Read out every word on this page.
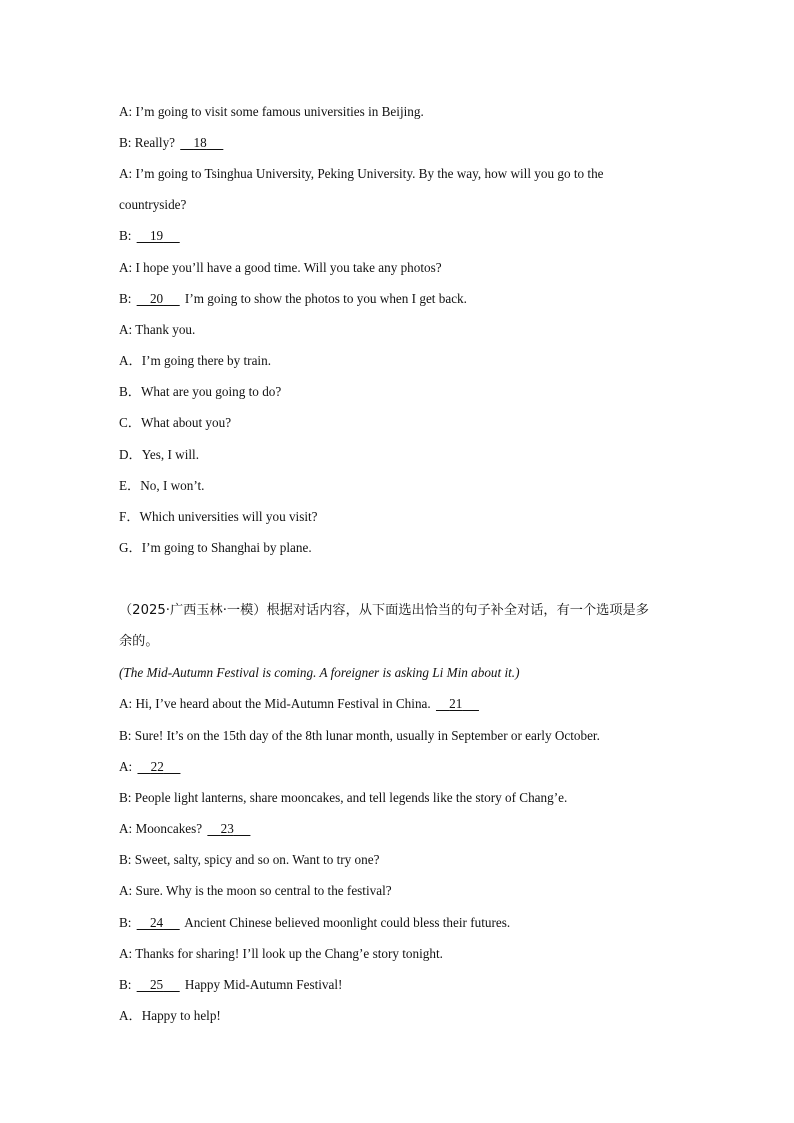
A: I’m going to visit some famous universities in Beijing.
B: Really? 18
A: I’m going to Tsinghua University, Peking University. By the way, how will you go to the
countryside?
B: 19
A: I hope you’ll have a good time. Will you take any photos?
B: 20 I’m going to show the photos to you when I get back.
A: Thank you.
A．I’m going there by train.
B．What are you going to do?
C．What about you?
D．Yes, I will.
E．No, I won’t.
F．Which universities will you visit?
G．I’m going to Shanghai by plane.
（2025·广西玉林·一模）根据对话内容，从下面选出恰当的句子补全对话，有一个选项是多
余的。
(The Mid-Autumn Festival is coming. A foreigner is asking Li Min about it.)
A: Hi, I’ve heard about the Mid-Autumn Festival in China. 21
B: Sure! It’s on the 15th day of the 8th lunar month, usually in September or early October.
A: 22
B: People light lanterns, share mooncakes, and tell legends like the story of Chang’e.
A: Mooncakes? 23
B: Sweet, salty, spicy and so on. Want to try one?
A: Sure. Why is the moon so central to the festival?
B: 24 Ancient Chinese believed moonlight could bless their futures.
A: Thanks for sharing! I’ll look up the Chang’e story tonight.
B: 25 Happy Mid-Autumn Festival!
A．Happy to help!
